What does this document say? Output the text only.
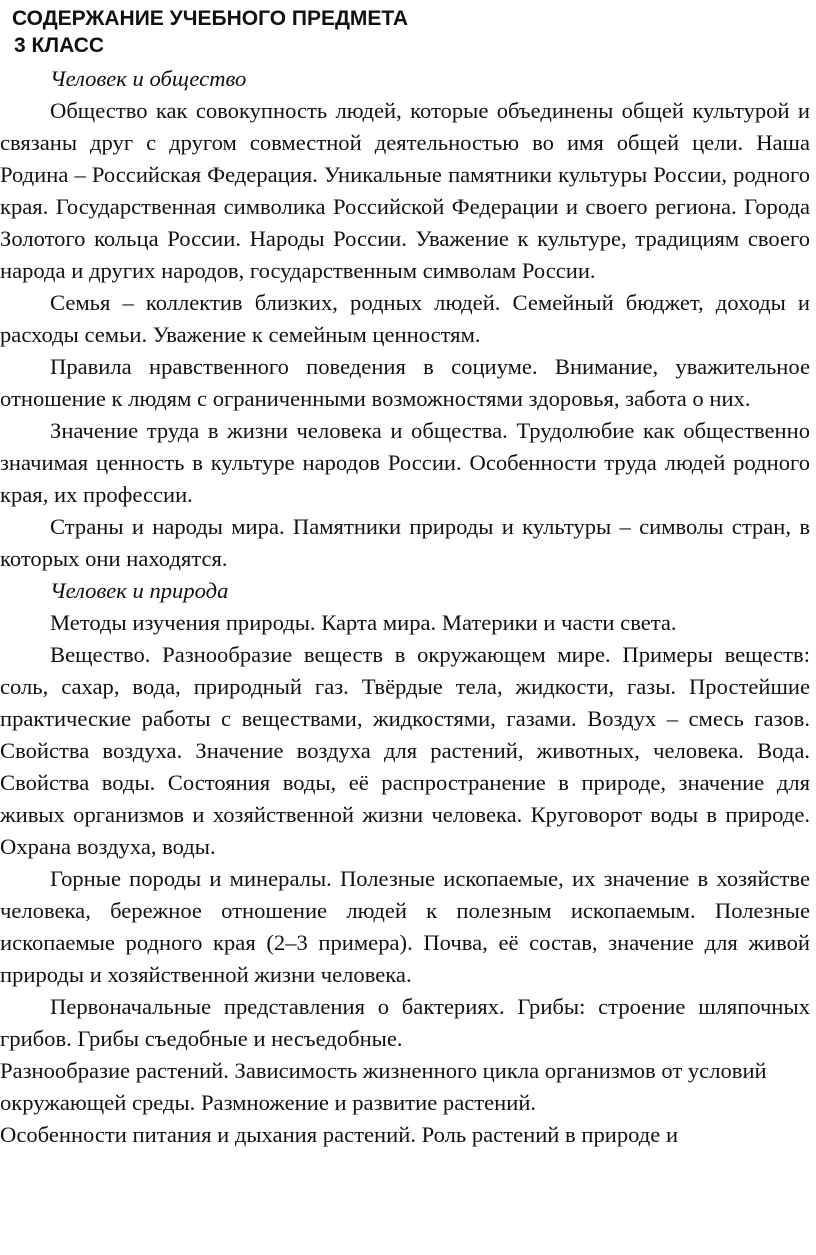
СОДЕРЖАНИЕ УЧЕБНОГО ПРЕДМЕТА
3 КЛАСС

Человек и общество

Общество как совокупность людей, которые объединены общей культурой и связаны друг с другом совместной деятельностью во имя общей цели. Наша Родина – Российская Федерация. Уникальные памятники культуры России, родного края. Государственная символика Российской Федерации и своего региона. Города Золотого кольца России. Народы России. Уважение к культуре, традициям своего народа и других народов, государственным символам России.

Семья – коллектив близких, родных людей. Семейный бюджет, доходы и расходы семьи. Уважение к семейным ценностям.

Правила нравственного поведения в социуме. Внимание, уважительное отношение к людям с ограниченными возможностями здоровья, забота о них.

Значение труда в жизни человека и общества. Трудолюбие как общественно значимая ценность в культуре народов России. Особенности труда людей родного края, их профессии.

Страны и народы мира. Памятники природы и культуры – символы стран, в которых они находятся.

Человек и природа

Методы изучения природы. Карта мира. Материки и части света.

Вещество. Разнообразие веществ в окружающем мире. Примеры веществ: соль, сахар, вода, природный газ. Твёрдые тела, жидкости, газы. Простейшие практические работы с веществами, жидкостями, газами. Воздух – смесь газов. Свойства воздуха. Значение воздуха для растений, животных, человека. Вода. Свойства воды. Состояния воды, её распространение в природе, значение для живых организмов и хозяйственной жизни человека. Круговорот воды в природе. Охрана воздуха, воды.

Горные породы и минералы. Полезные ископаемые, их значение в хозяйстве человека, бережное отношение людей к полезным ископаемым. Полезные ископаемые родного края (2–3 примера). Почва, её состав, значение для живой природы и хозяйственной жизни человека.

Первоначальные представления о бактериях. Грибы: строение шляпочных грибов. Грибы съедобные и несъедобные.

Разнообразие растений. Зависимость жизненного цикла организмов от условий окружающей среды. Размножение и развитие растений.

Особенности питания и дыхания растений. Роль растений в природе и
